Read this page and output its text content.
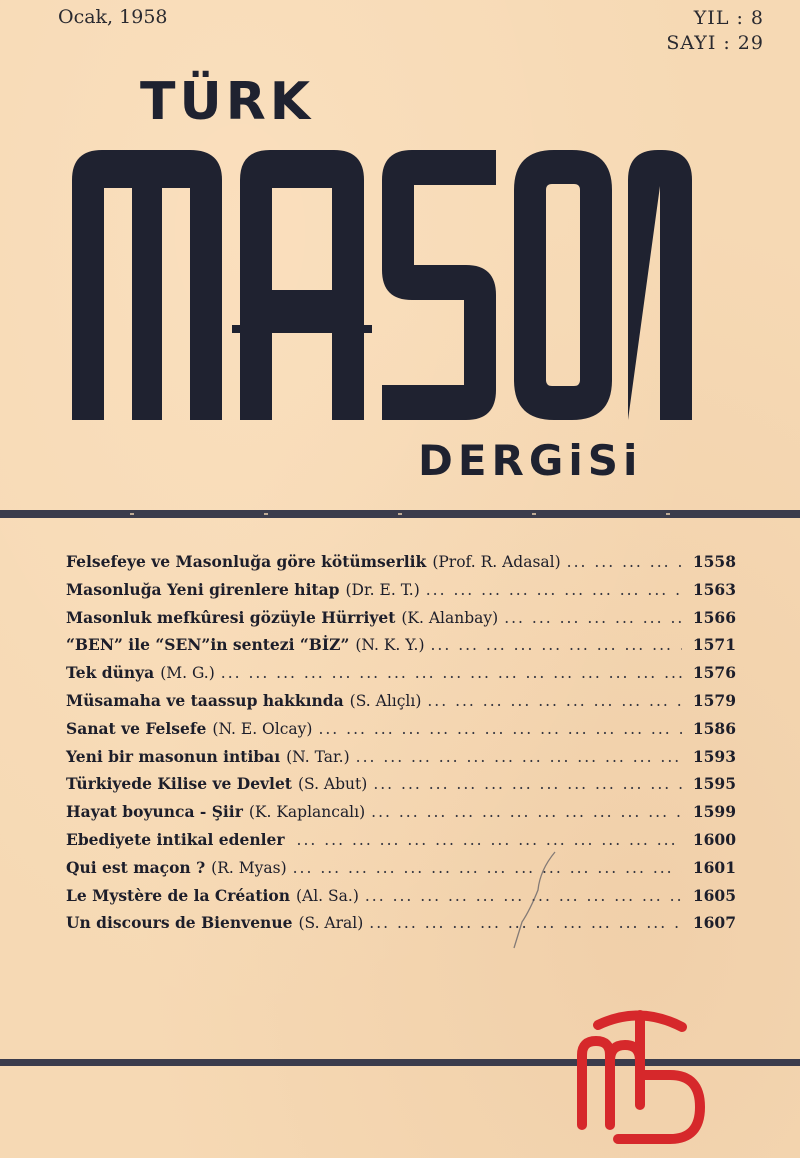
Ocak, 1958	YIL : 8
SAYI : 29
TÜRK
DERGiSi
Felsefeye ve Masonluğa göre kötümserlik (Prof. R. Adasal) ... .	1558
Masonluğa Yeni girenlere hitap (Dr. E. T.) ... .	1563
Masonluk mefkûresi gözüyle Hürriyet (K. Alanbay) ... .	1566
“BEN” ile “SEN”in sentezi “BİZ” (N. K. Y.) ... .	1571
Tek dünya (M. G.) ... .	1576
Müsamaha ve taassup hakkında (S. Alıçlı) ... .	1579
Sanat ve Felsefe (N. E. Olcay) ... .	1586
Yeni bir masonun intibaı (N. Tar.) ... .	1593
Türkiyede Kilise ve Devlet (S. Abut) ... .	1595
Hayat boyunca - Şiir (K. Kaplancalı) ... .	1599
Ebediyete intikal edenler ... .	1600
Qui est maçon ? (R. Myas) ... .	1601
Le Mystère de la Création (Al. Sa.) ... .	1605
Un discours de Bienvenue (S. Aral) ... .	1607
